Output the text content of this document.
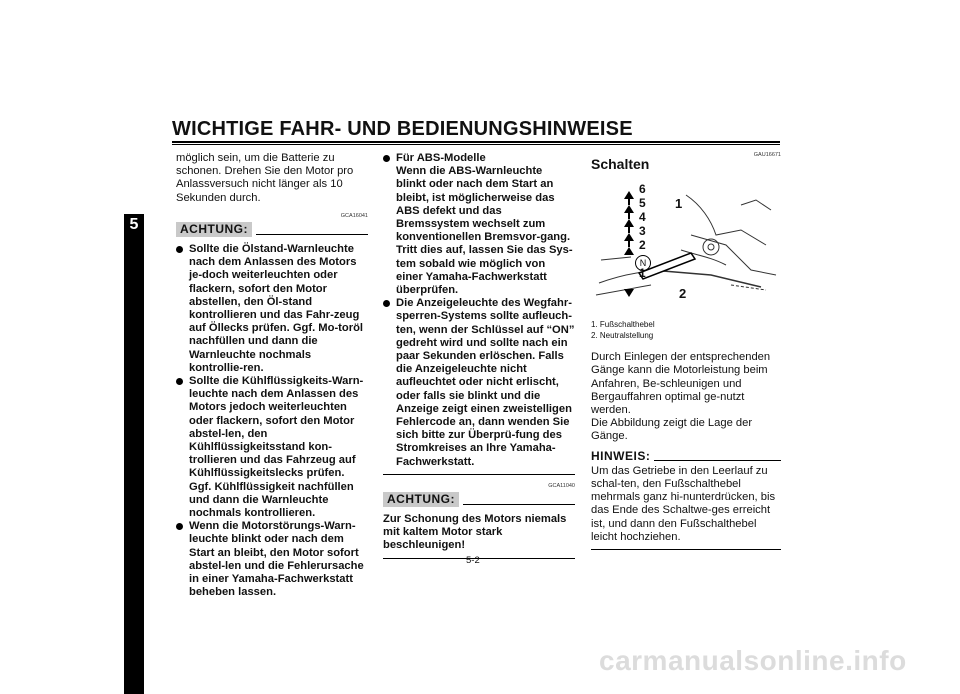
WICHTIGE FAHR- UND BEDIENUNGSHINWEISE
5

möglich sein, um die Batterie zu schonen. Drehen Sie den Motor pro Anlassversuch nicht länger als 10 Sekunden durch.

GCA16041
ACHTUNG:
Sollte die Ölstand-Warnleuchte nach dem Anlassen des Motors je-doch weiterleuchten oder flackern, sofort den Motor abstellen, den Öl-stand kontrollieren und das Fahr-zeug auf Öllecks prüfen. Ggf. Mo-toröl nachfüllen und dann die Warnleuchte nochmals kontrollie-ren.
Sollte die Kühlflüssigkeits-Warn-leuchte nach dem Anlassen des Motors jedoch weiterleuchten oder flackern, sofort den Motor abstel-len, den Kühlflüssigkeitsstand kon-trollieren und das Fahrzeug auf Kühlflüssigkeitslecks prüfen. Ggf. Kühlflüssigkeit nachfüllen und dann die Warnleuchte nochmals kontrollieren.
Wenn die Motorstörungs-Warn-leuchte blinkt oder nach dem Start an bleibt, den Motor sofort abstel-len und die Fehlerursache in einer Yamaha-Fachwerkstatt beheben lassen.
Für ABS-Modelle
Wenn die ABS-Warnleuchte blinkt oder nach dem Start an bleibt, ist möglicherweise das ABS defekt und das Bremssystem wechselt zum konventionellen Bremsvor-gang.
Tritt dies auf, lassen Sie das Sys-tem sobald wie möglich von einer Yamaha-Fachwerkstatt überprüfen.
Die Anzeigeleuchte des Wegfahr-sperren-Systems sollte aufleuch-ten, wenn der Schlüssel auf “ON” gedreht wird und sollte nach ein paar Sekunden erlöschen. Falls die Anzeigeleuchte nicht aufleuchtet oder nicht erlischt, oder falls sie blinkt und die Anzeige zeigt einen zweistelligen Fehlercode an, dann wenden Sie sich bitte zur Überprü-fung des Stromkreises an Ihre Yamaha-Fachwerkstatt.
GCA11040
ACHTUNG:

Zur Schonung des Motors niemals mit kaltem Motor stark beschleunigen!

GAU16671
Schalten
6
5
4
3
2
N
1
1
2
1. Fußschalthebel
2. Neutralstellung

Durch Einlegen der entsprechenden Gänge kann die Motorleistung beim Anfahren, Be-schleunigen und Bergauffahren optimal ge-nutzt werden.
Die Abbildung zeigt die Lage der Gänge.

HINWEIS:

Um das Getriebe in den Leerlauf zu schal-ten, den Fußschalthebel mehrmals ganz hi-nunterdrücken, bis das Ende des Schaltwe-ges erreicht ist, und dann den Fußschalthebel leicht hochziehen.

5-2
carmanualsonline.info
